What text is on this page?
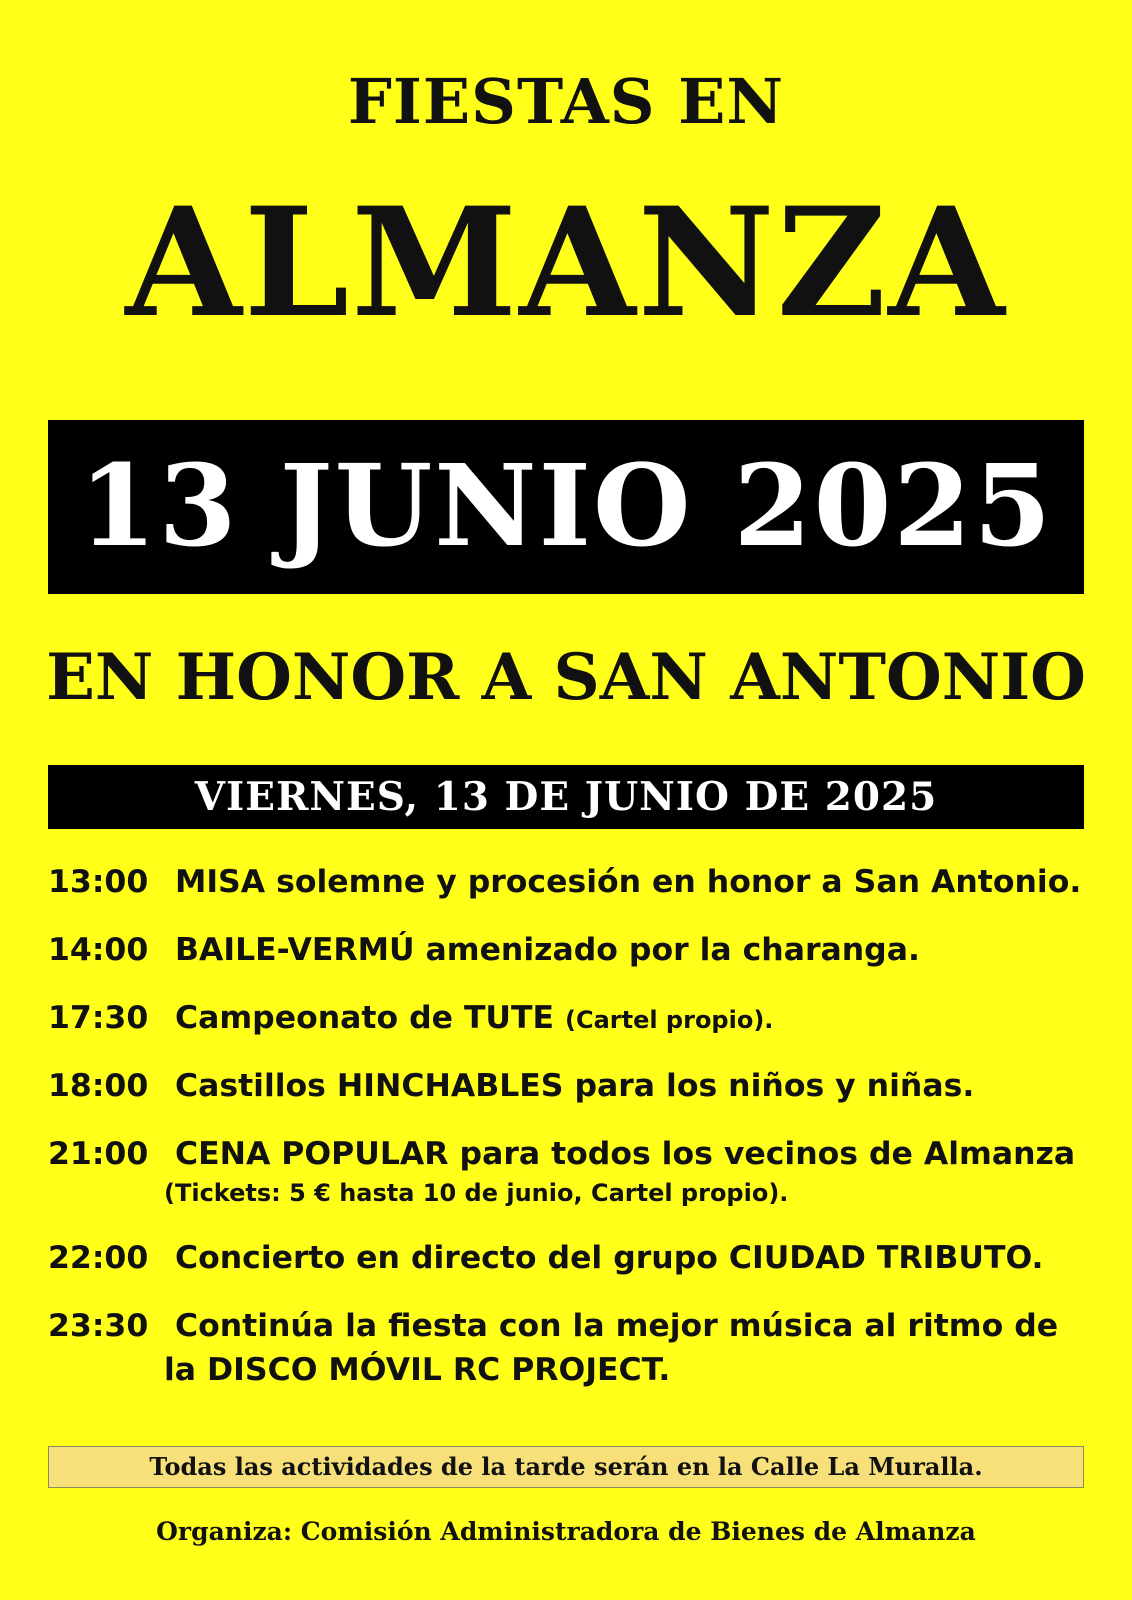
FIESTAS EN
ALMANZA
13 JUNIO 2025
EN HONOR A SAN ANTONIO
VIERNES, 13 DE JUNIO DE 2025
13:00 MISA solemne y procesión en honor a San Antonio.
14:00 BAILE-VERMÚ amenizado por la charanga.
17:30 Campeonato de TUTE (Cartel propio).
18:00 Castillos HINCHABLES para los niños y niñas.
21:00 CENA POPULAR para todos los vecinos de Almanza
(Tickets: 5 € hasta 10 de junio, Cartel propio).
22:00 Concierto en directo del grupo CIUDAD TRIBUTO.
23:30 Continúa la fiesta con la mejor música al ritmo de
la DISCO MÓVIL RC PROJECT.
Todas las actividades de la tarde serán en la Calle La Muralla.
Organiza: Comisión Administradora de Bienes de Almanza
